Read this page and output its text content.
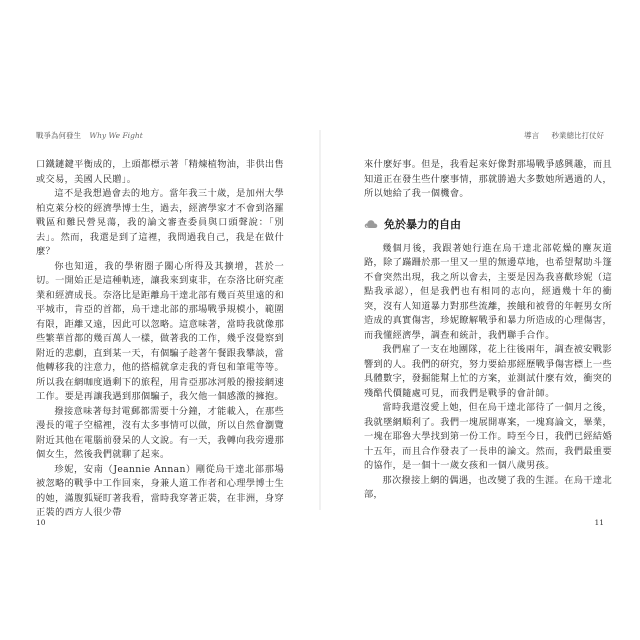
戰爭為何發生 Why We Fight

口鐵鏈鍵平衡成的，上頭都標示著「精煉植物油，非供出售或交易，美國人民贈」。

這不是我想過會去的地方。當年我三十歲，是加州大學柏克萊分校的經濟學博士生，過去，經濟學家才不會到洛羅戰區和難民營晃蕩，我的論文審查委員與口頭聲說：「別去」。然而，我還是到了這裡，我問過我自己，我是在做什麼？

你也知道，我的學術圈子關心所得及其擴增，甚於一切。一開始正是這種軌迹，讓我來到東非，在奈洛比研究產業和經濟成長。奈洛比是距離烏干達北部有幾百英里遠的和平城市，肯亞的首都，烏干達北部的那場戰爭規模小，範圍有限，距離又遠，因此可以忽略。這意味著，當時我就像那些繁華首都的幾百萬人一樣，做著我的工作，幾乎沒覺察到附近的悲劇，直到某一天，有個騙子趁著午餐跟我攀談，當他轉移我的注意力，他的搭檔就拿走我的背包和筆電等等。所以我在網咖度過剩下的旅程，用肯亞那冰河般的撥接網速工作。要是再讓我遇到那個騙子，我欠他一個感激的擁抱。

撥接意味著每封電郵都需要十分鐘，才能載入，在那些漫長的電子空檔裡，沒有太多事情可以做，所以自然會瀏覽附近其他在電腦前發呆的人文說。有一天，我轉向我旁邊那個女生，然後我們就聊了起來。

珍妮，安南（Jeannie Annan）剛從烏干達北部那場被忽略的戰爭中工作回來，身兼人道工作者和心理學博士生的她，滿腹狐疑盯著我看，當時我穿著正裝，在非洲，身穿正裝的西方人很少帶

10
導言 秒業總比打仗好

來什麼好事。但是，我看起來好像對那場戰爭感興趣，而且知道正在發生些什麼事情，那就勝過大多數她所遇過的人，所以她給了我一個機會。

免於暴力的自由

幾個月後，我跟著她行進在烏干達北部乾燥的塵灰道路，除了蹣跚於那一里又一里的無邊草地，也希望幫助斗篷不會突然出現，我之所以會去，主要是因為我喜歡珍妮（這點我承認），但是我們也有相同的志向，經過幾十年的衝突，沒有人知道暴力對那些流離，挨餓和被脅的年輕男女所造成的真實傷害，珍妮瞭解戰爭和暴力所造成的心理傷害，而我懂經濟學，調查和統計，我們聯手合作。

我們雇了一支在地團隊，花上往後兩年，調查被安戰影響到的人。我們的研究，努力要給那經歷戰爭傷害標上一些具體數字，發掘能幫上忙的方案，並測試什麼有效，衝突的殘酷代價隨處可見，而我們是戰爭的會計師。

當時我還沒愛上她，但在烏干達北部待了一個月之後，我就墜網順利了。我們一塊展開專案，一塊寫論文，畢業，一塊在耶魯大學找到第一份工作。時至今日，我們已經結婚十五年，而且合作發表了一長串的論文。然而，我們最重要的協作，是一個十一歲女孩和一個八歲男孩。

那次撥接上網的偶遇，也改變了我的生涯。在烏干達北部，

11
